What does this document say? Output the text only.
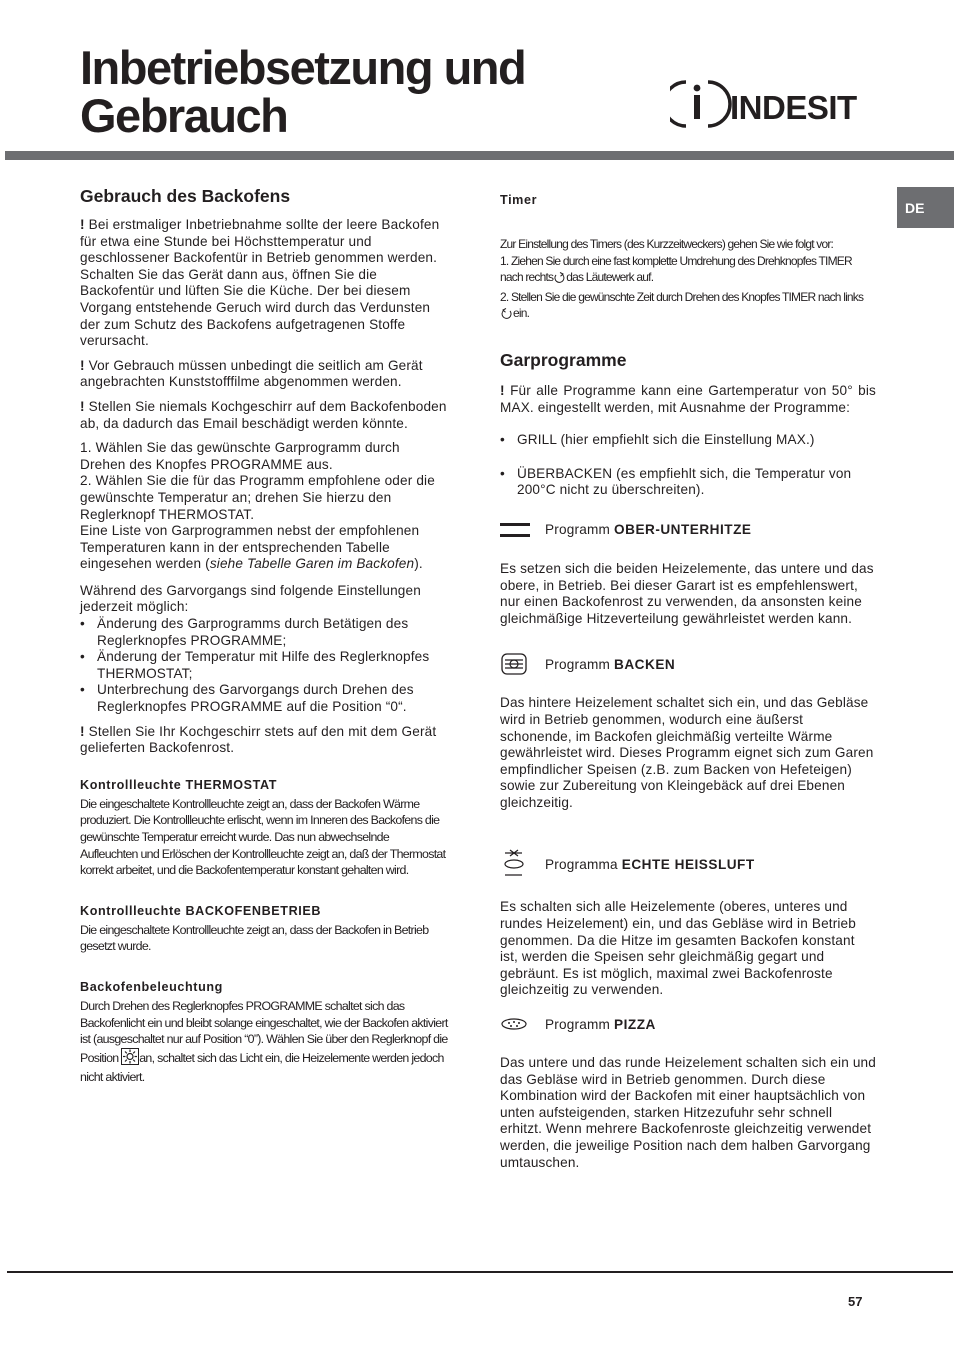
Inbetriebsetzung und
Gebrauch	INDESIT
DE
Gebrauch des Backofens

! Bei erstmaliger Inbetriebnahme sollte der leere Backofen für etwa eine Stunde bei Höchsttemperatur und geschlossener Backofentür in Betrieb genommen werden. Schalten Sie das Gerät dann aus, öffnen Sie die Backofentür und lüften Sie die Küche. Der bei diesem Vorgang entstehende Geruch wird durch das Verdunsten der zum Schutz des Backofens aufgetragenen Stoffe verursacht.

! Vor Gebrauch müssen unbedingt die seitlich am Gerät angebrachten Kunststofffilme abgenommen werden.

! Stellen Sie niemals Kochgeschirr auf dem Backofenboden ab, da dadurch das Email beschädigt werden könnte.

1. Wählen Sie das gewünschte Garprogramm durch Drehen des Knopfes PROGRAMME aus.
2. Wählen Sie die für das Programm empfohlene oder die gewünschte Temperatur an; drehen Sie hierzu den Reglerknopf THERMOSTAT.
Eine Liste von Garprogrammen nebst der empfohlenen Temperaturen kann in der entsprechenden Tabelle eingesehen werden (siehe Tabelle Garen im Backofen).

Während des Garvorgangs sind folgende Einstellungen jederzeit möglich:

• Änderung des Garprogramms durch Betätigen des Reglerknopfes PROGRAMME;
• Änderung der Temperatur mit Hilfe des Reglerknopfes THERMOSTAT;
• Unterbrechung des Garvorgangs durch Drehen des Reglerknopfes PROGRAMME auf die Position “0“.

! Stellen Sie Ihr Kochgeschirr stets auf den mit dem Gerät gelieferten Backofenrost.

Kontrollleuchte THERMOSTAT

Die eingeschaltete Kontrollleuchte zeigt an, dass der Backofen Wärme produziert. Die Kontrollleuchte erlischt, wenn im Inneren des Backofens die gewünschte Temperatur erreicht wurde. Das nun abwechselnde Aufleuchten und Erlöschen der Kontrollleuchte zeigt an, daß der Thermostat korrekt arbeitet, und die Backofentemperatur konstant gehalten wird.

Kontrollleuchte BACKOFENBETRIEB

Die eingeschaltete Kontrollleuchte zeigt an, dass der Backofen in Betrieb gesetzt wurde.

Backofenbeleuchtung

Durch Drehen des Reglerknopfes PROGRAMME schaltet sich das Backofenlicht ein und bleibt solange eingeschaltet, wie der Backofen aktiviert ist (ausgeschaltet nur auf Position “0”). Wählen Sie über den Reglerknopf die Position an, schaltet sich das Licht ein, die Heizelemente werden jedoch nicht aktiviert.

Timer

Zur Einstellung des Timers (des Kurzzeitweckers) gehen Sie wie folgt vor:

1. Ziehen Sie durch eine fast komplette Umdrehung des Drehknopfes TIMER nach rechts das Läutewerk auf.

2. Stellen Sie die gewünschte Zeit durch Drehen des Knopfes TIMER nach linksein.

Garprogramme

! Für alle Programme kann eine Gartemperatur von 50° bis MAX. eingestellt werden, mit Ausnahme der Programme:

• GRILL (hier empfiehlt sich die Einstellung MAX.)
• ÜBERBACKEN (es empfiehlt sich, die Temperatur von 200°C nicht zu überschreiten).
Programm OBER-UNTERHITZE

Es setzen sich die beiden Heizelemente, das untere und das obere, in Betrieb. Bei dieser Garart ist es empfehlenswert, nur einen Backofenrost zu verwenden, da ansonsten keine gleichmäßige Hitzeverteilung gewährleistet werden kann.

Programm BACKEN

Das hintere Heizelement schaltet sich ein, und das Gebläse wird in Betrieb genommen, wodurch eine äußerst schonende, im Backofen gleichmäßig verteilte Wärme gewährleistet wird. Dieses Programm eignet sich zum Garen empfindlicher Speisen (z.B. zum Backen von Hefeteigen) sowie zur Zubereitung von Kleingebäck auf drei Ebenen gleichzeitig.

Programma ECHTE HEISSLUFT

Es schalten sich alle Heizelemente (oberes, unteres und rundes Heizelement) ein, und das Gebläse wird in Betrieb genommen. Da die Hitze im gesamten Backofen konstant ist, werden die Speisen sehr gleichmäßig gegart und gebräunt. Es ist möglich, maximal zwei Backofenroste gleichzeitig zu verwenden.

Programm PIZZA

Das untere und das runde Heizelement schalten sich ein und das Gebläse wird in Betrieb genommen. Durch diese Kombination wird der Backofen mit einer hauptsächlich von unten aufsteigenden, starken Hitzezufuhr sehr schnell erhitzt. Wenn mehrere Backofenroste gleichzeitig verwendet werden, die jeweilige Position nach dem halben Garvorgang umtauschen.

57
